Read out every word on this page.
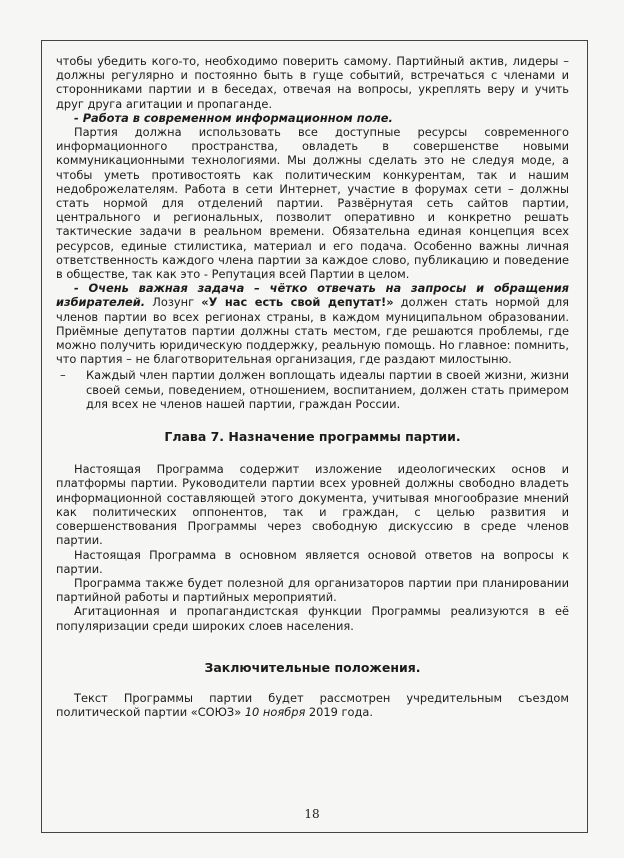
чтобы убедить кого-то, необходимо поверить самому. Партийный актив, лидеры – должны регулярно и постоянно быть в гуще событий, встречаться с членами и сторонниками партии и в беседах, отвечая на вопросы, укреплять веру и учить друг друга агитации и пропаганде.

- Работа в современном информационном поле.

Партия должна использовать все доступные ресурсы современного информационного пространства, овладеть в совершенстве новыми коммуникационными технологиями. Мы должны сделать это не следуя моде, а чтобы уметь противостоять как политическим конкурентам, так и нашим недоброжелателям. Работа в сети Интернет, участие в форумах сети – должны стать нормой для отделений партии. Развёрнутая сеть сайтов партии, центрального и региональных, позволит оперативно и конкретно решать тактические задачи в реальном времени. Обязательна единая концепция всех ресурсов, единые стилистика, материал и его подача. Особенно важны личная ответственность каждого члена партии за каждое слово, публикацию и поведение в обществе, так как это - Репутация всей Партии в целом.

- Очень важная задача – чётко отвечать на запросы и обращения избирателей. Лозунг «У нас есть свой депутат!» должен стать нормой для членов партии во всех регионах страны, в каждом муниципальном образовании. Приёмные депутатов партии должны стать местом, где решаются проблемы, где можно получить юридическую поддержку, реальную помощь. Но главное: помнить, что партия – не благотворительная организация, где раздают милостыню.

–	Каждый член партии должен воплощать идеалы партии в своей жизни, жизни своей семьи, поведением, отношением, воспитанием, должен стать примером для всех не членов нашей партии, граждан России.
Глава 7. Назначение программы партии.

Настоящая Программа содержит изложение идеологических основ и платформы партии. Руководители партии всех уровней должны свободно владеть информационной составляющей этого документа, учитывая многообразие мнений как политических оппонентов, так и граждан, с целью развития и совершенствования Программы через свободную дискуссию в среде членов партии.

Настоящая Программа в основном является основой ответов на вопросы к партии.

Программа также будет полезной для организаторов партии при планировании партийной работы и партийных мероприятий.

Агитационная и пропагандистская функции Программы реализуются в её популяризации среди широких слоев населения.

Заключительные положения.

Текст Программы партии будет рассмотрен учредительным съездом политической партии «СОЮЗ» 10 ноября 2019 года.

18
